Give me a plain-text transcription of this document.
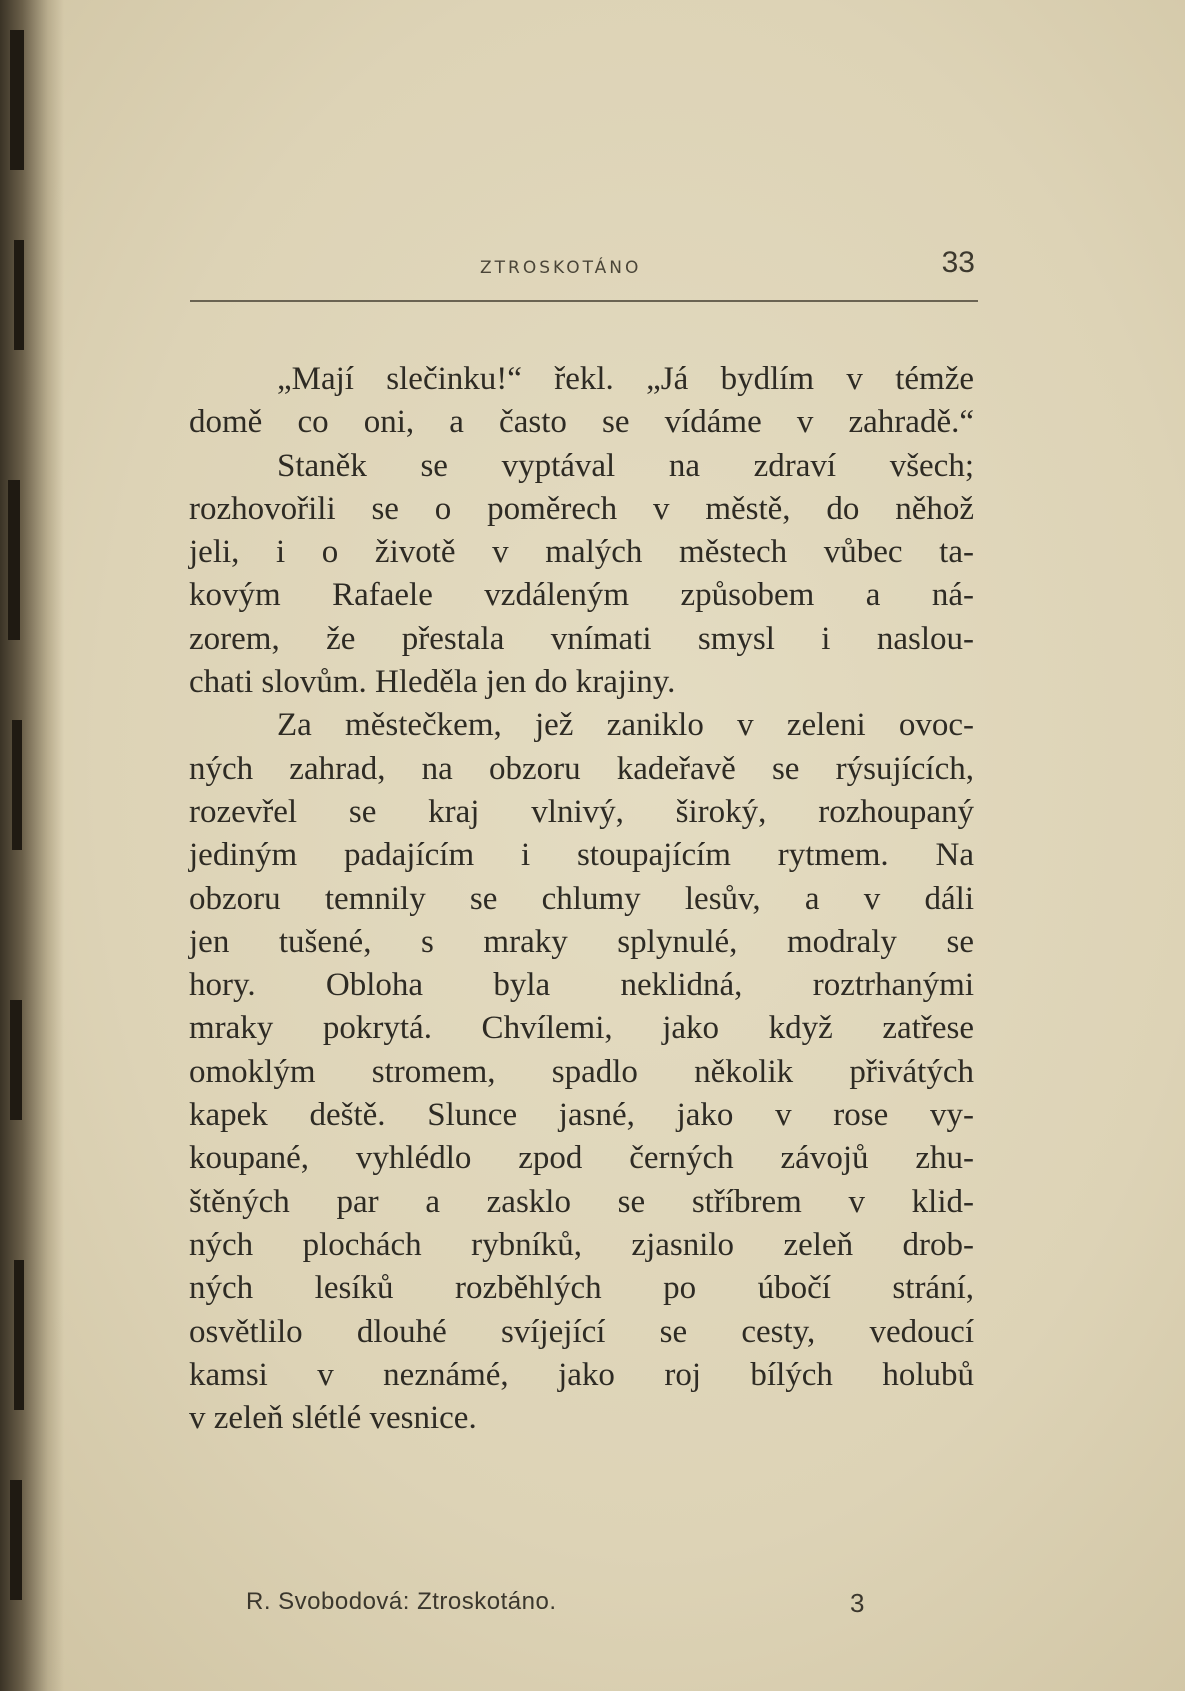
ZTROSKOTÁNO	33
„Mají slečinku!“ řekl. „Já bydlím v témže
domě co oni, a často se vídáme v zahradě.“
Staněk se vyptával na zdraví všech;
rozhovořili se o poměrech v městě, do něhož
jeli, i o životě v malých městech vůbec ta-
kovým Rafaele vzdáleným způsobem a ná-
zorem, že přestala vnímati smysl i naslou-
chati slovům. Hleděla jen do krajiny.
Za městečkem, jež zaniklo v zeleni ovoc-
ných zahrad, na obzoru kadeřavě se rýsujících,
rozevřel se kraj vlnivý, široký, rozhoupaný
jediným padajícím i stoupajícím rytmem. Na
obzoru temnily se chlumy lesův, a v dáli
jen tušené, s mraky splynulé, modraly se
hory. Obloha byla neklidná, roztrhanými
mraky pokrytá. Chvílemi, jako když zatřese
omoklým stromem, spadlo několik přivátých
kapek deště. Slunce jasné, jako v rose vy-
koupané, vyhlédlo zpod černých závojů zhu-
štěných par a zasklo se stříbrem v klid-
ných plochách rybníků, zjasnilo zeleň drob-
ných lesíků rozběhlých po úbočí strání,
osvětlilo dlouhé svíjející se cesty, vedoucí
kamsi v neznámé, jako roj bílých holubů
v zeleň slétlé vesnice.
R. Svobodová: Ztroskotáno.	3
